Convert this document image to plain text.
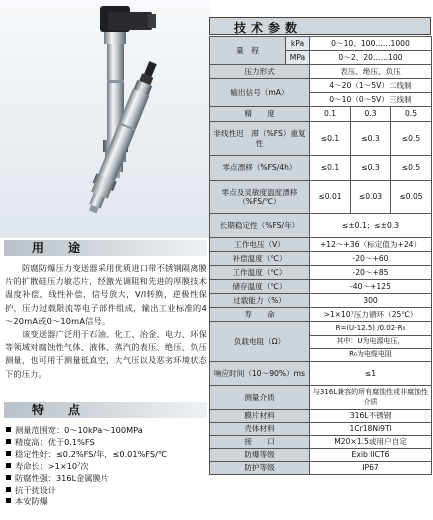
用　途

防腐防爆压力变送器采用优质进口带不锈钢隔离膜片的扩散硅压力敏芯片，经激光调阻和先进的厚膜技术温度补偿，线性补偿，信号放大，V/I转换，逆极性保护，压力过载限流等电子部件组成，输出工业标准的4～20mA或0～10mA信号。

该变送器广泛用于石油、化工、冶金、电力、环保等领域对腐蚀性气体、液体、蒸汽的表压、绝压、负压测量，也可用于测量低真空，大气压以及恶劣环境状态下的压力。

特　点
测量范围宽：0～10kPa～100MPa
精度高：优于0.1%FS
稳定性好：≤0.2%FS/年，≤0.01%FS/℃
寿命长：>1×10⁷次
防腐性强：316L金属膜片
抗干扰设计
本安防爆
技术参数
量　程	kPa	0～10、100……1000		
	MPa	0～2、20……100		
压力形式		表压、绝压、负压		
输出信号（mA）		4～20（1～5V）二线制		
		0～10（0～5V）三线制		
精　　度		0.1	0.3	0.5
非线性迟　滞（%FS）重复性		≤0.1	≤0.3	≤0.5
零点漂移（%FS/4h）		≤0.1	≤0.3	≤0.5
零点及灵敏度温度漂移（%FS/℃）		≤0.01	≤0.03	≤0.05
长期稳定性（%FS/年）		≤±0.1；≤±0.3		
工作电压（V）		+12～+36（标定值为+24）		
补偿温度（℃）		-20～+60		
工作温度（℃）		-20～+85		
储存温度（℃）		-40～+125		
过载能力（%）		300		
寿　　命		>1×10⁷压力循环（25℃）		
负载电阻（Ω）		R=(U-12.5) /0.02-R₀		
		其中：U为电源电压，		
		R₀为电缆电阻		
响应时间（10～90%）ms		≤1		
测量介质		与316L兼容的所有腐蚀性或非腐蚀性介质		
膜片材料		316L不锈钢		
壳体材料		1Cr18Ni9Ti		
接　　口		M20×1.5或用户自定		
防爆等级		Exib IICT6		
防护等级		IP67		
